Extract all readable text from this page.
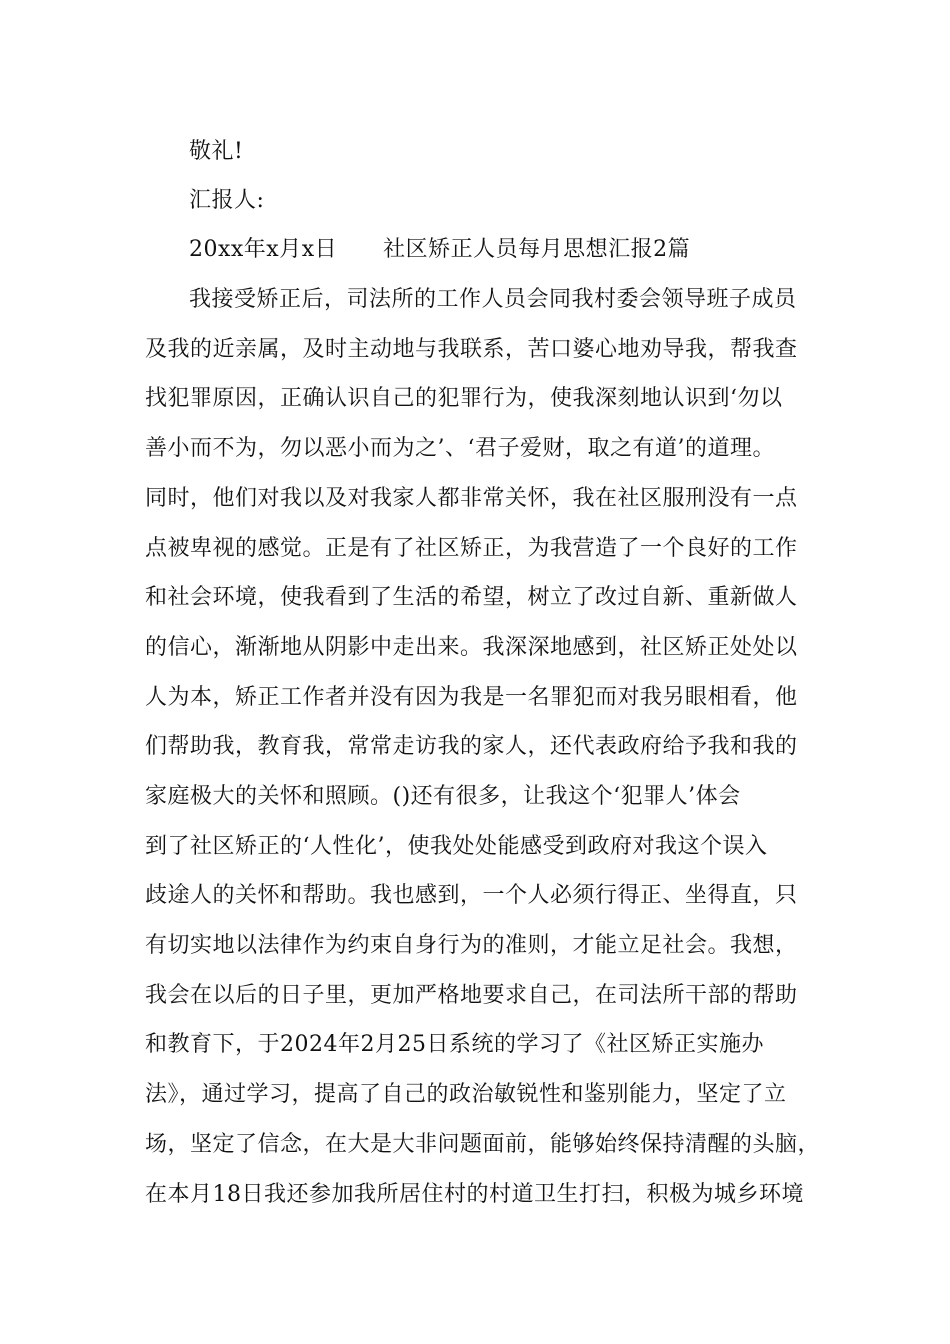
敬礼!
汇报人:
20xx年x月x日 社区矫正人员每月思想汇报2篇
我接受矫正后，司法所的工作人员会同我村委会领导班子成员
及我的近亲属，及时主动地与我联系，苦口婆心地劝导我，帮我查
找犯罪原因，正确认识自己的犯罪行为，使我深刻地认识到‘勿以
善小而不为，勿以恶小而为之’、‘君子爱财，取之有道’的道理。
同时，他们对我以及对我家人都非常关怀，我在社区服刑没有一点
点被卑视的感觉。正是有了社区矫正，为我营造了一个良好的工作
和社会环境，使我看到了生活的希望，树立了改过自新、重新做人
的信心，渐渐地从阴影中走出来。我深深地感到，社区矫正处处以
人为本，矫正工作者并没有因为我是一名罪犯而对我另眼相看，他
们帮助我，教育我，常常走访我的家人，还代表政府给予我和我的
家庭极大的关怀和照顾。()还有很多，让我这个‘犯罪人’体会
到了社区矫正的‘人性化’，使我处处能感受到政府对我这个误入
歧途人的关怀和帮助。我也感到，一个人必须行得正、坐得直，只
有切实地以法律作为约束自身行为的准则，才能立足社会。我想，
我会在以后的日子里，更加严格地要求自己，在司法所干部的帮助
和教育下，于2024年2月25日系统的学习了《社区矫正实施办
法》，通过学习，提高了自己的政治敏锐性和鉴别能力，坚定了立
场，坚定了信念，在大是大非问题面前，能够始终保持清醒的头脑，
在本月18日我还参加我所居住村的村道卫生打扫，积极为城乡环境
